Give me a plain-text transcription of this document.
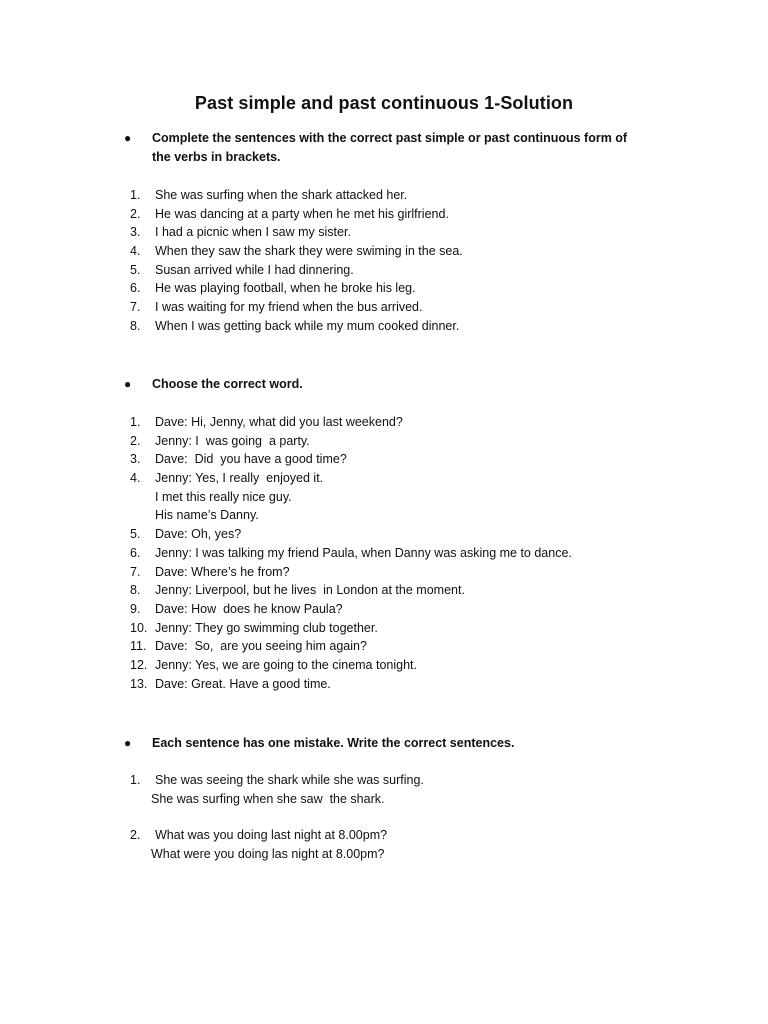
Past simple and past continuous 1-Solution
● Complete the sentences with the correct past simple or past continuous form of the verbs in brackets.
1. She was surfing when the shark attacked her.
2. He was dancing at a party when he met his girlfriend.
3. I had a picnic when I saw my sister.
4. When they saw the shark they were swiming in the sea.
5. Susan arrived while I had dinnering.
6. He was playing football, when he broke his leg.
7. I was waiting for my friend when the bus arrived.
8. When I was getting back while my mum cooked dinner.
● Choose the correct word.
1. Dave: Hi, Jenny, what did you last weekend?
2. Jenny: I  was going  a party.
3. Dave:  Did  you have a good time?
4. Jenny: Yes, I really  enjoyed it.
I met this really nice guy.
His name’s Danny.
5. Dave: Oh, yes?
6. Jenny: I was talking my friend Paula, when Danny was asking me to dance.
7. Dave: Where’s he from?
8. Jenny: Liverpool, but he lives  in London at the moment.
9. Dave: How  does he know Paula?
10. Jenny: They go swimming club together.
11. Dave:  So,  are you seeing him again?
12. Jenny: Yes, we are going to the cinema tonight.
13. Dave: Great. Have a good time.
● Each sentence has one mistake. Write the correct sentences.
1. She was seeing the shark while she was surfing.
She was surfing when she saw  the shark.
2. What was you doing last night at 8.00pm?
What were you doing las night at 8.00pm?
